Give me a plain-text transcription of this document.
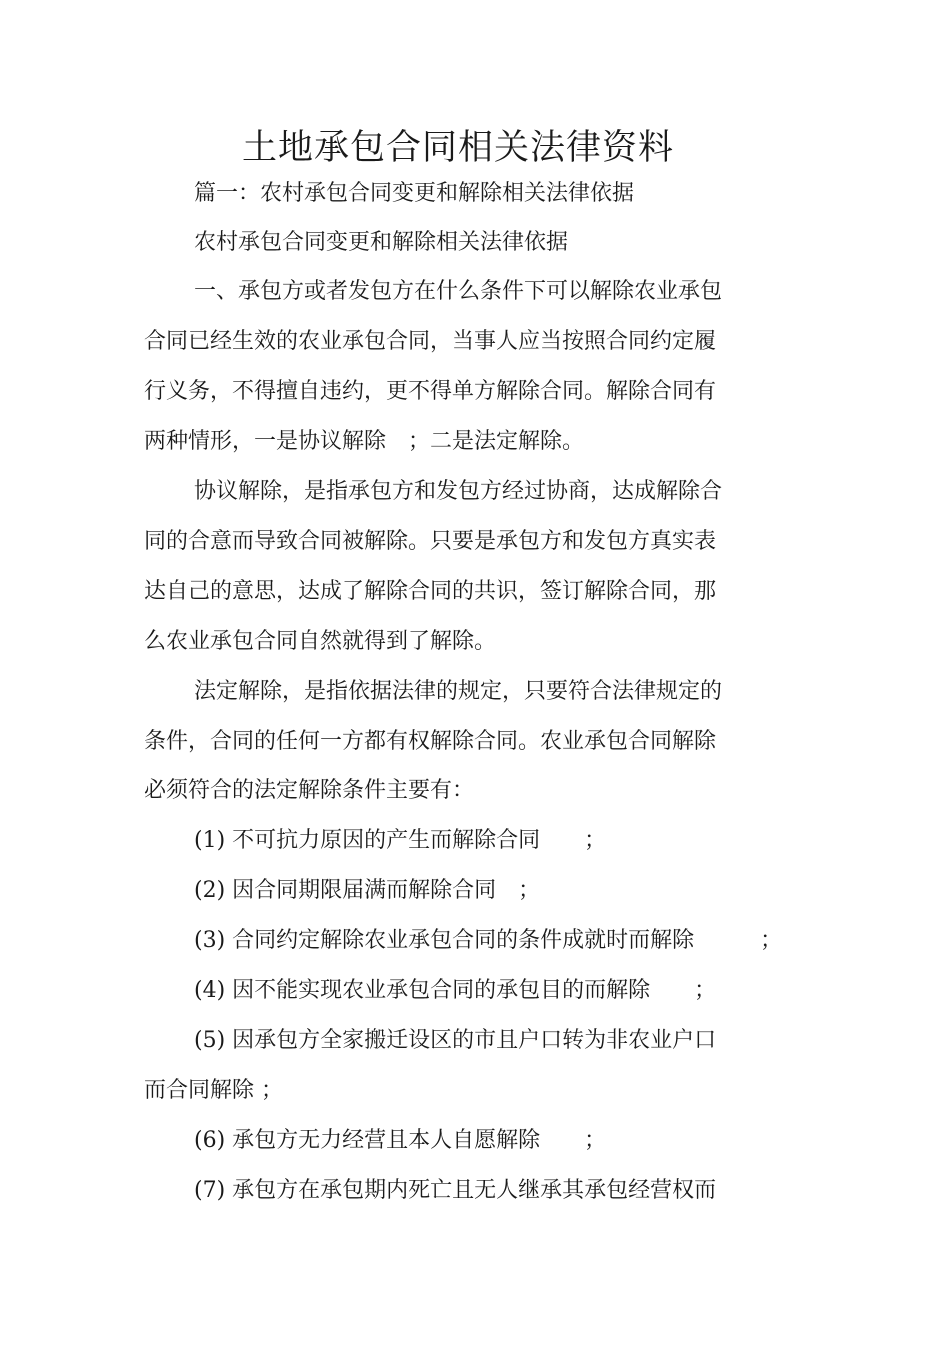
土地承包合同相关法律资料
篇一：农村承包合同变更和解除相关法律依据
农村承包合同变更和解除相关法律依据
一、承包方或者发包方在什么条件下可以解除农业承包
合同已经生效的农业承包合同，当事人应当按照合同约定履
行义务，不得擅自违约，更不得单方解除合同。解除合同有
两种情形，一是协议解除　；二是法定解除。
协议解除，是指承包方和发包方经过协商，达成解除合
同的合意而导致合同被解除。只要是承包方和发包方真实表
达自己的意思，达成了解除合同的共识，签订解除合同，那
么农业承包合同自然就得到了解除。
法定解除，是指依据法律的规定，只要符合法律规定的
条件，合同的任何一方都有权解除合同。农业承包合同解除
必须符合的法定解除条件主要有：
(1) 不可抗力原因的产生而解除合同　　；
(2) 因合同期限届满而解除合同　；
(3) 合同约定解除农业承包合同的条件成就时而解除　　　；
(4) 因不能实现农业承包合同的承包目的而解除　　；
(5) 因承包方全家搬迁设区的市且户口转为非农业户口
而合同解除 ；
(6) 承包方无力经营且本人自愿解除　　；
(7) 承包方在承包期内死亡且无人继承其承包经营权而
